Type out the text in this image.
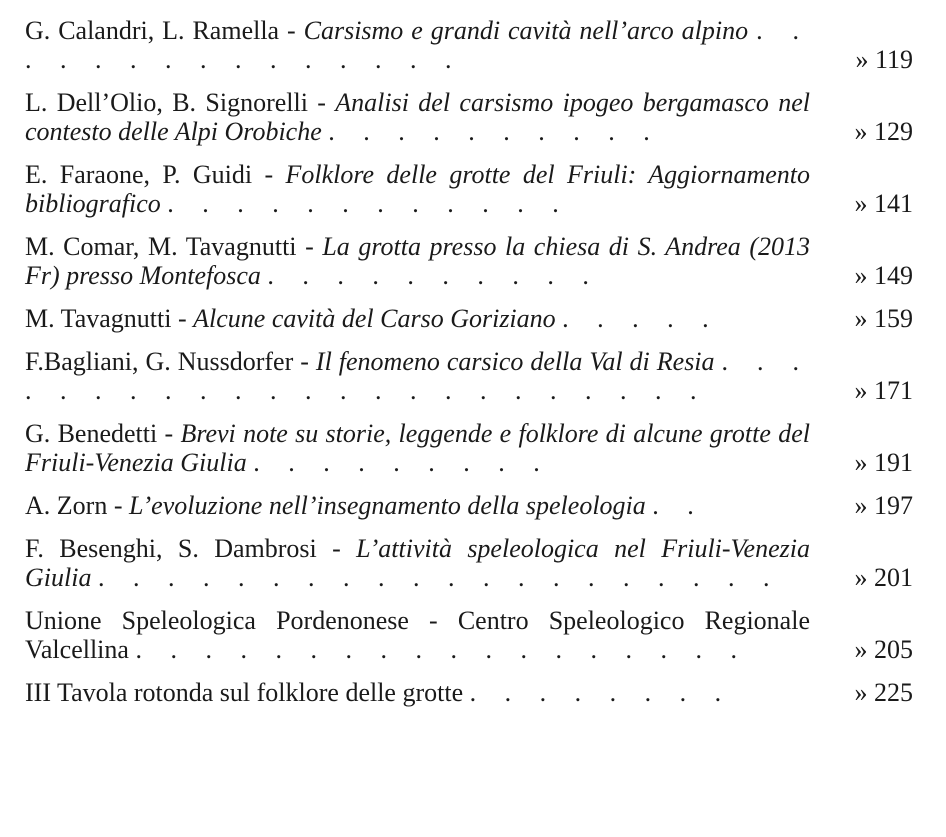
G. Calandri, L. Ramella - Carsismo e grandi cavità nell’arco alpino . . . . . . . . . . . . . . .	» 119
L. Dell’Olio, B. Signorelli - Analisi del carsismo ipogeo bergamasco nel contesto delle Alpi Orobiche . . . . . . . . . .	» 129
E. Faraone, P. Guidi - Folklore delle grotte del Friuli: Aggiornamento bibliografico . . . . . . . . . . . .	» 141
M. Comar, M. Tavagnutti - La grotta presso la chiesa di S. Andrea (2013 Fr) presso Montefosca . . . . . . . . . .	» 149
M. Tavagnutti - Alcune cavità del Carso Goriziano . . . . .	» 159
F.Bagliani, G. Nussdorfer - Il fenomeno carsico della Val di Resia . . . . . . . . . . . . . . . . . . . . . . .	» 171
G. Benedetti - Brevi note su storie, leggende e folklore di alcune grotte del Friuli-Venezia Giulia . . . . . . . . .	» 191
A. Zorn - L’evoluzione nell’insegnamento della speleologia . .	» 197
F. Besenghi, S. Dambrosi - L’attività speleologica nel Friuli-Venezia Giulia . . . . . . . . . . . . . . . . . . . .	» 201
Unione Speleologica Pordenonese - Centro Speleologico Regionale Valcellina . . . . . . . . . . . . . . . . . .	» 205
III Tavola rotonda sul folklore delle grotte . . . . . . . .	» 225
